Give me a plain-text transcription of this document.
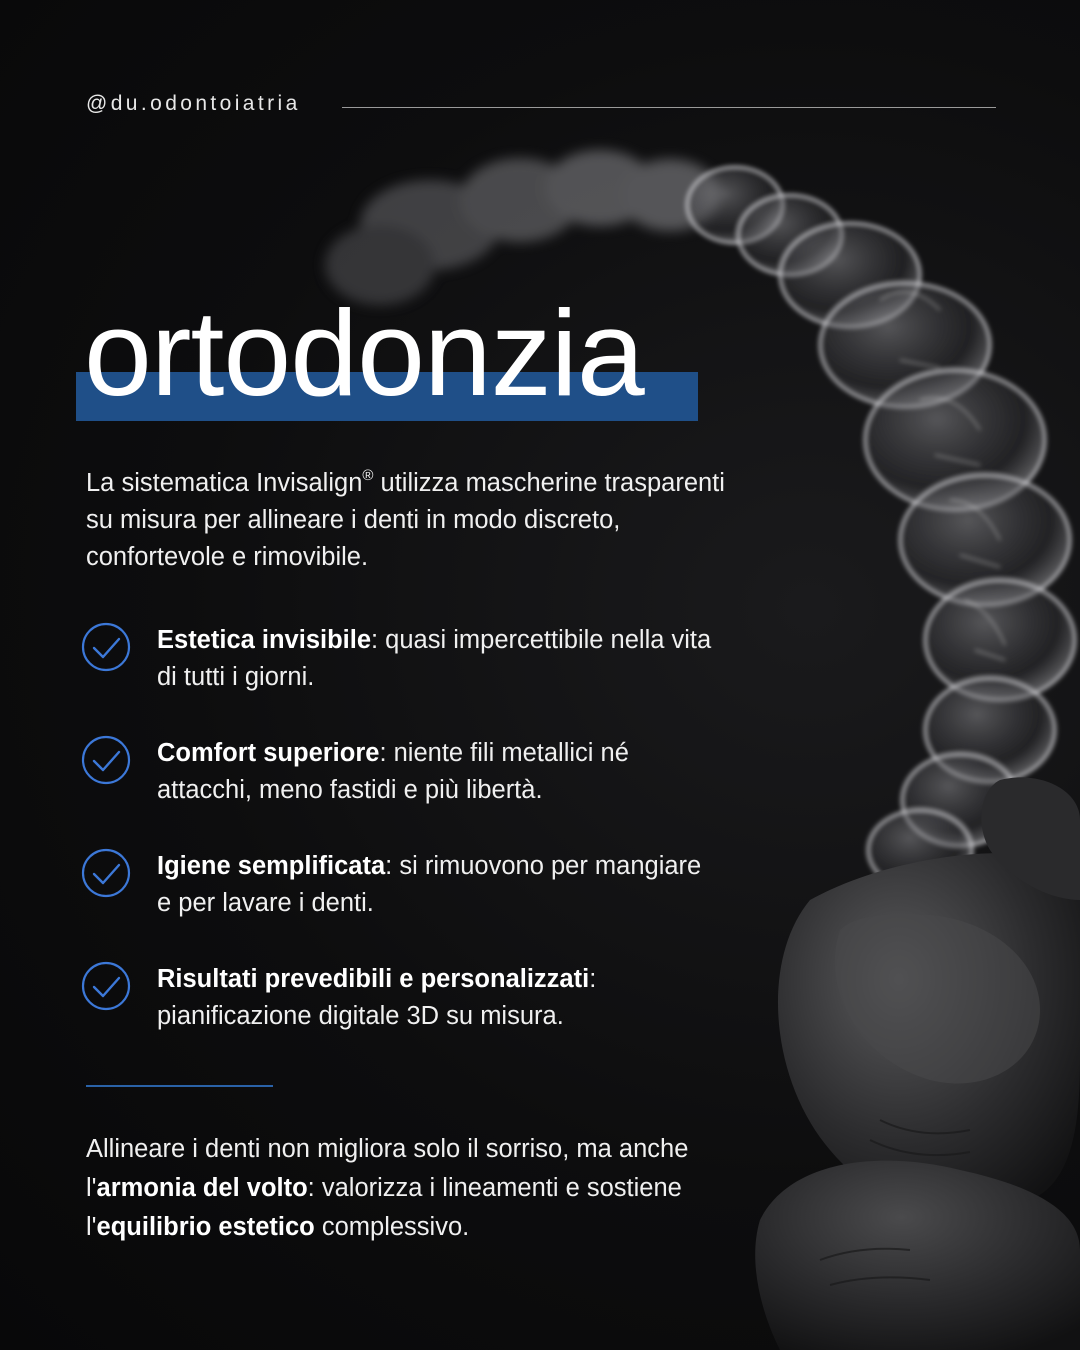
@du.odontoiatria
ortodonzia

La sistematica Invisalign® utilizza mascherine trasparenti su misura per allineare i denti in modo discreto, confortevole e rimovibile.

Estetica invisibile: quasi impercettibile nella vita di tutti i giorni.
Comfort superiore: niente fili metallici né attacchi, meno fastidi e più libertà.
Igiene semplificata: si rimuovono per mangiare e per lavare i denti.
Risultati prevedibili e personalizzati: pianificazione digitale 3D su misura.

Allineare i denti non migliora solo il sorriso, ma anche l'armonia del volto: valorizza i lineamenti e sostiene l'equilibrio estetico complessivo.
